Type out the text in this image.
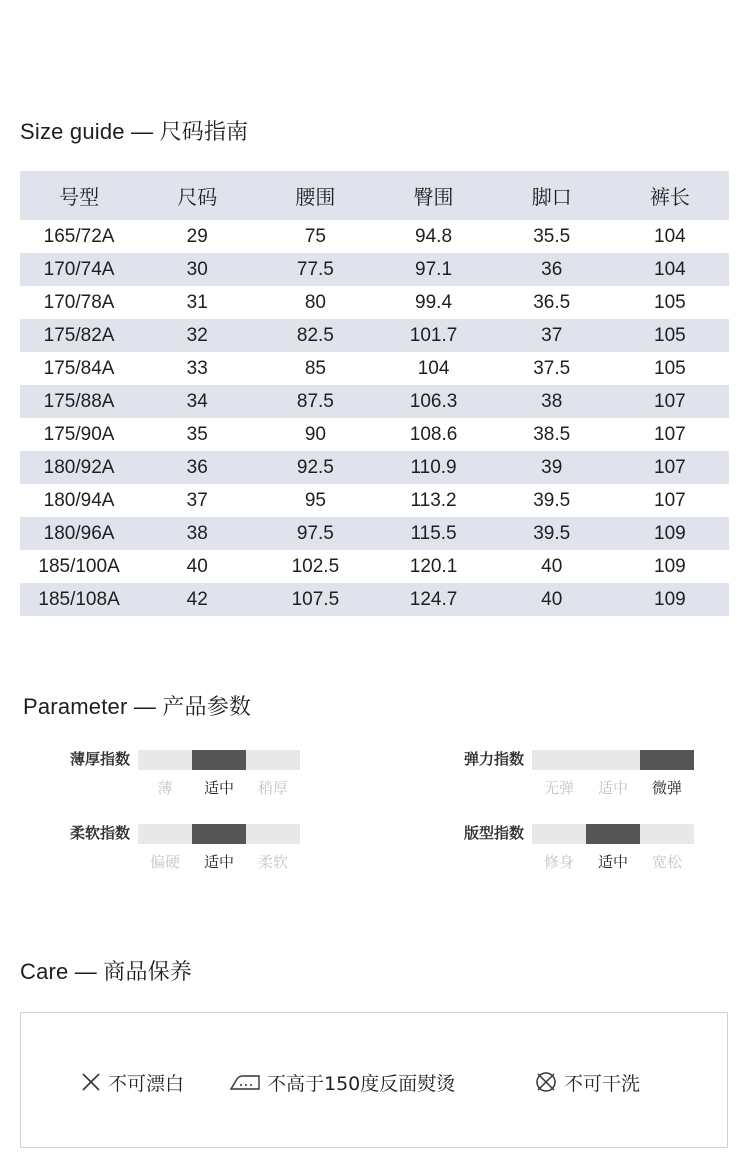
Size guide — 尺码指南
号型	尺码	腰围	臀围	脚口	裤长
165/72A	29	75	94.8	35.5	104
170/74A	30	77.5	97.1	36	104
170/78A	31	80	99.4	36.5	105
175/82A	32	82.5	101.7	37	105
175/84A	33	85	104	37.5	105
175/88A	34	87.5	106.3	38	107
175/90A	35	90	108.6	38.5	107
180/92A	36	92.5	110.9	39	107
180/94A	37	95	113.2	39.5	107
180/96A	38	97.5	115.5	39.5	109
185/100A	40	102.5	120.1	40	109
185/108A	42	107.5	124.7	40	109
Parameter — 产品参数
薄厚指数
薄	适中	稍厚
柔软指数
偏硬	适中	柔软
弹力指数
无弹	适中	微弹
版型指数
修身	适中	宽松
Care — 商品保养
不可漂白	不高于150度反面熨烫	不可干洗
